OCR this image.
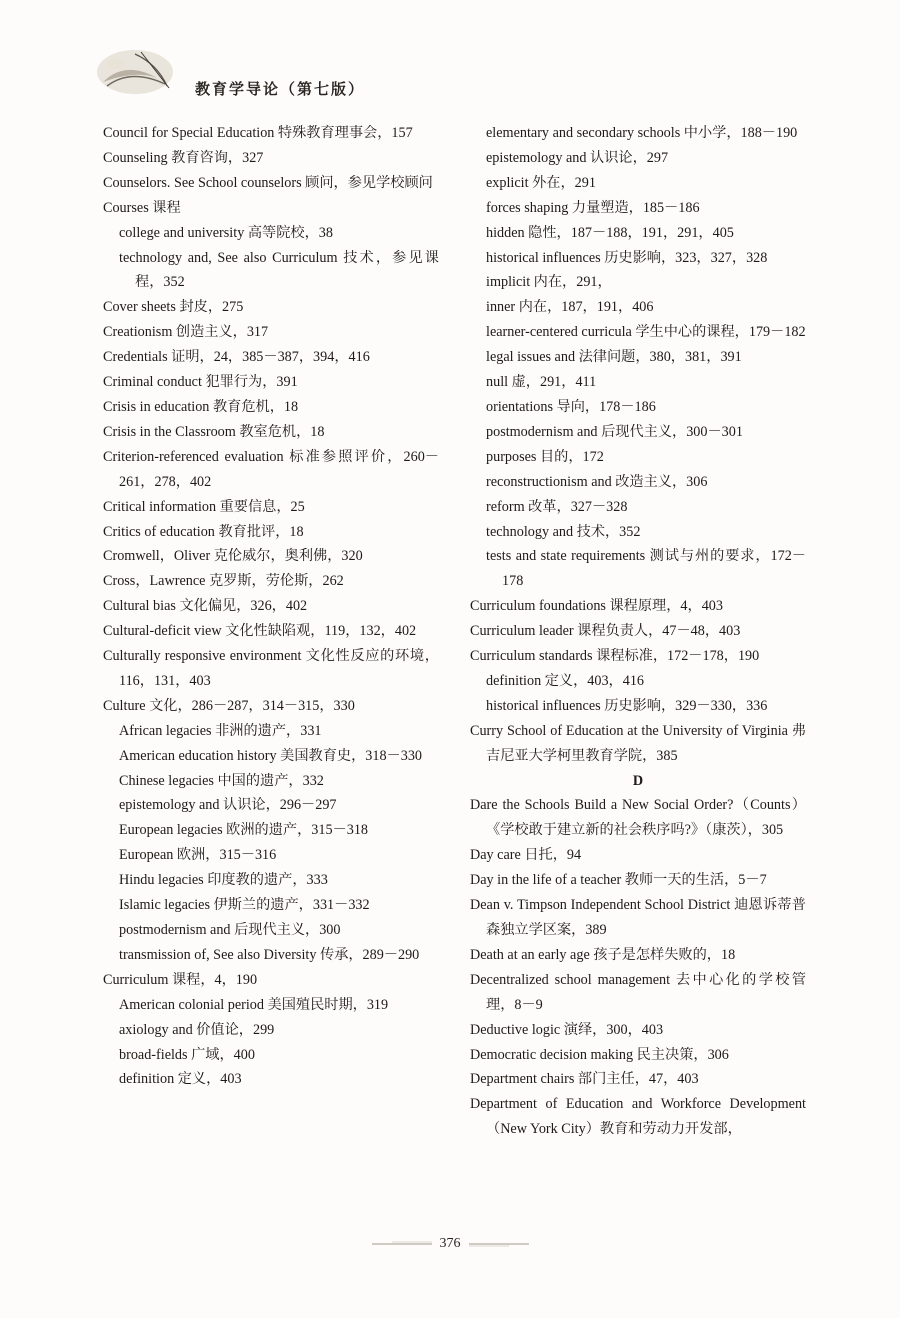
教育学导论（第七版）
Council for Special Education 特殊教育理事会，157
Counseling 教育咨询，327
Counselors. See School counselors 顾问，参见学校顾问
Courses 课程
college and university 高等院校，38
technology and, See also Curriculum 技术，参见课程，352
Cover sheets 封皮，275
Creationism 创造主义，317
Credentials 证明，24，385－387，394，416
Criminal conduct 犯罪行为，391
Crisis in education 教育危机，18
Crisis in the Classroom 教室危机，18
Criterion-referenced evaluation 标准参照评价，260－261，278，402
Critical information 重要信息，25
Critics of education 教育批评，18
Cromwell，Oliver 克伦威尔，奥利佛，320
Cross，Lawrence 克罗斯，劳伦斯，262
Cultural bias 文化偏见，326，402
Cultural-deficit view 文化性缺陷观，119，132，402
Culturally responsive environment 文化性反应的环境，116，131，403
Culture 文化，286－287，314－315，330
African legacies 非洲的遗产，331
American education history 美国教育史，318－330
Chinese legacies 中国的遗产，332
epistemology and 认识论，296－297
European legacies 欧洲的遗产，315－318
European 欧洲，315－316
Hindu legacies 印度教的遗产，333
Islamic legacies 伊斯兰的遗产，331－332
postmodernism and 后现代主义，300
transmission of, See also Diversity 传承，289－290
Curriculum 课程，4，190
American colonial period 美国殖民时期，319
axiology and 价值论，299
broad-fields 广域，400
definition 定义，403
elementary and secondary schools 中小学，188－190
epistemology and 认识论，297
explicit 外在，291
forces shaping 力量塑造，185－186
hidden 隐性，187－188，191，291，405
historical influences 历史影响，323，327，328
implicit 内在，291，
inner 内在，187，191，406
learner-centered curricula 学生中心的课程，179－182
legal issues and 法律问题，380，381，391
null 虚，291，411
orientations 导向，178－186
postmodernism and 后现代主义，300－301
purposes 目的，172
reconstructionism and 改造主义，306
reform 改革，327－328
technology and 技术，352
tests and state requirements 测试与州的要求，172－178
Curriculum foundations 课程原理，4，403
Curriculum leader 课程负责人，47－48，403
Curriculum standards 课程标准，172－178，190
definition 定义，403，416
historical influences 历史影响，329－330，336
Curry School of Education at the University of Virginia 弗吉尼亚大学柯里教育学院，385
D
Dare the Schools Build a New Social Order?（Counts）《学校敢于建立新的社会秩序吗?》（康茨），305
Day care 日托，94
Day in the life of a teacher 教师一天的生活，5－7
Dean v. Timpson Independent School District 迪恩诉蒂普森独立学区案，389
Death at an early age 孩子是怎样失败的，18
Decentralized school management 去中心化的学校管理，8－9
Deductive logic 演绎，300，403
Democratic decision making 民主决策，306
Department chairs 部门主任，47，403
Department of Education and Workforce Development（New York City）教育和劳动力开发部，
376
